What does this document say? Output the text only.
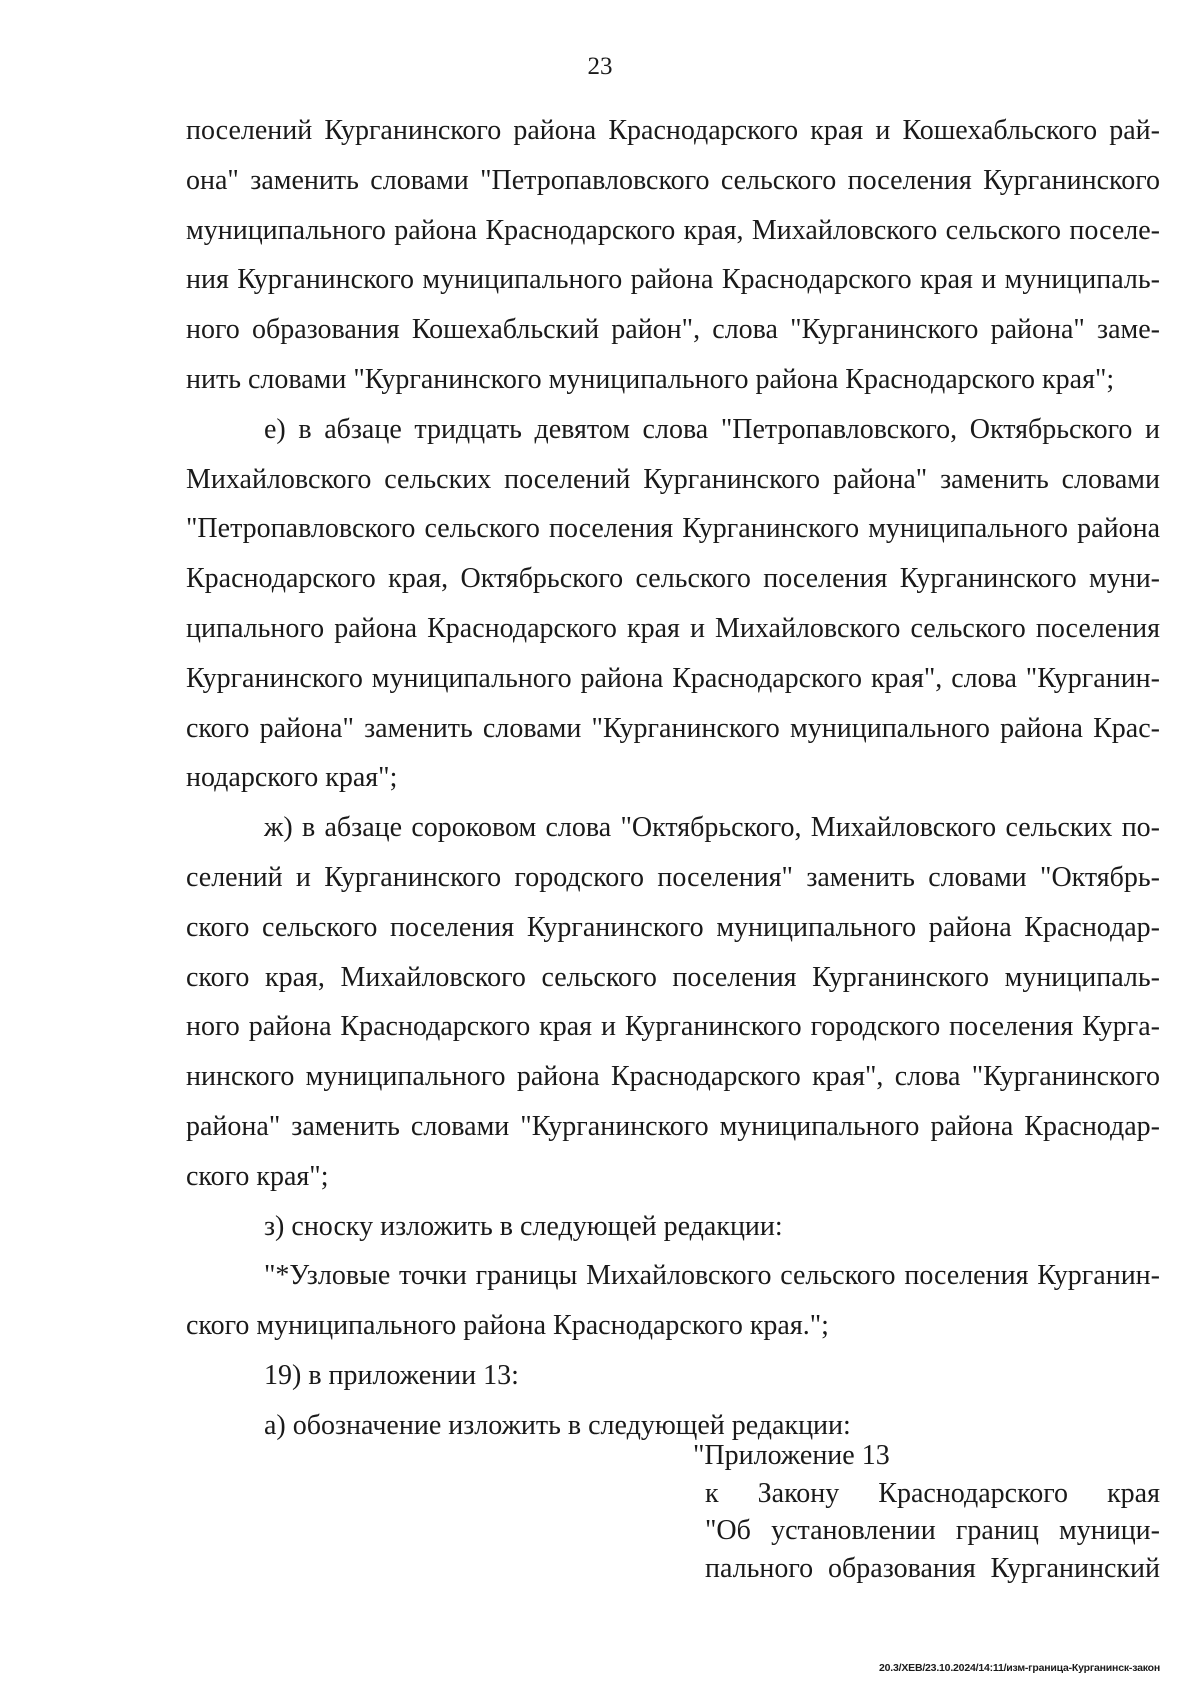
23
поселений Курганинского района Краснодарского края и Кошехабльского рай-
она" заменить словами "Петропавловского сельского поселения Курганинского
муниципального района Краснодарского края, Михайловского сельского поселе-
ния Курганинского муниципального района Краснодарского края и муниципаль-
ного образования Кошехабльский район", слова "Курганинского района" заме-
нить словами "Курганинского муниципального района Краснодарского края";
е) в абзаце тридцать девятом слова "Петропавловского, Октябрьского и
Михайловского сельских поселений Курганинского района" заменить словами
"Петропавловского сельского поселения Курганинского муниципального района
Краснодарского края, Октябрьского сельского поселения Курганинского муни-
ципального района Краснодарского края и Михайловского сельского поселения
Курганинского муниципального района Краснодарского края", слова "Курганин-
ского района" заменить словами "Курганинского муниципального района Крас-
нодарского края";
ж) в абзаце сороковом слова "Октябрьского, Михайловского сельских по-
селений и Курганинского городского поселения" заменить словами "Октябрь-
ского сельского поселения Курганинского муниципального района Краснодар-
ского края, Михайловского сельского поселения Курганинского муниципаль-
ного района Краснодарского края и Курганинского городского поселения Курга-
нинского муниципального района Краснодарского края", слова "Курганинского
района" заменить словами "Курганинского муниципального района Краснодар-
ского края";
з) сноску изложить в следующей редакции:
"*Узловые точки границы Михайловского сельского поселения Курганин-
ского муниципального района Краснодарского края.";
19) в приложении 13:
а) обозначение изложить в следующей редакции:
"Приложение 13
к Закону Краснодарского края
"Об установлении границ муници-
пального образования Курганинский
20.3/ХЕВ/23.10.2024/14:11/изм-граница-Курганинск-закон
